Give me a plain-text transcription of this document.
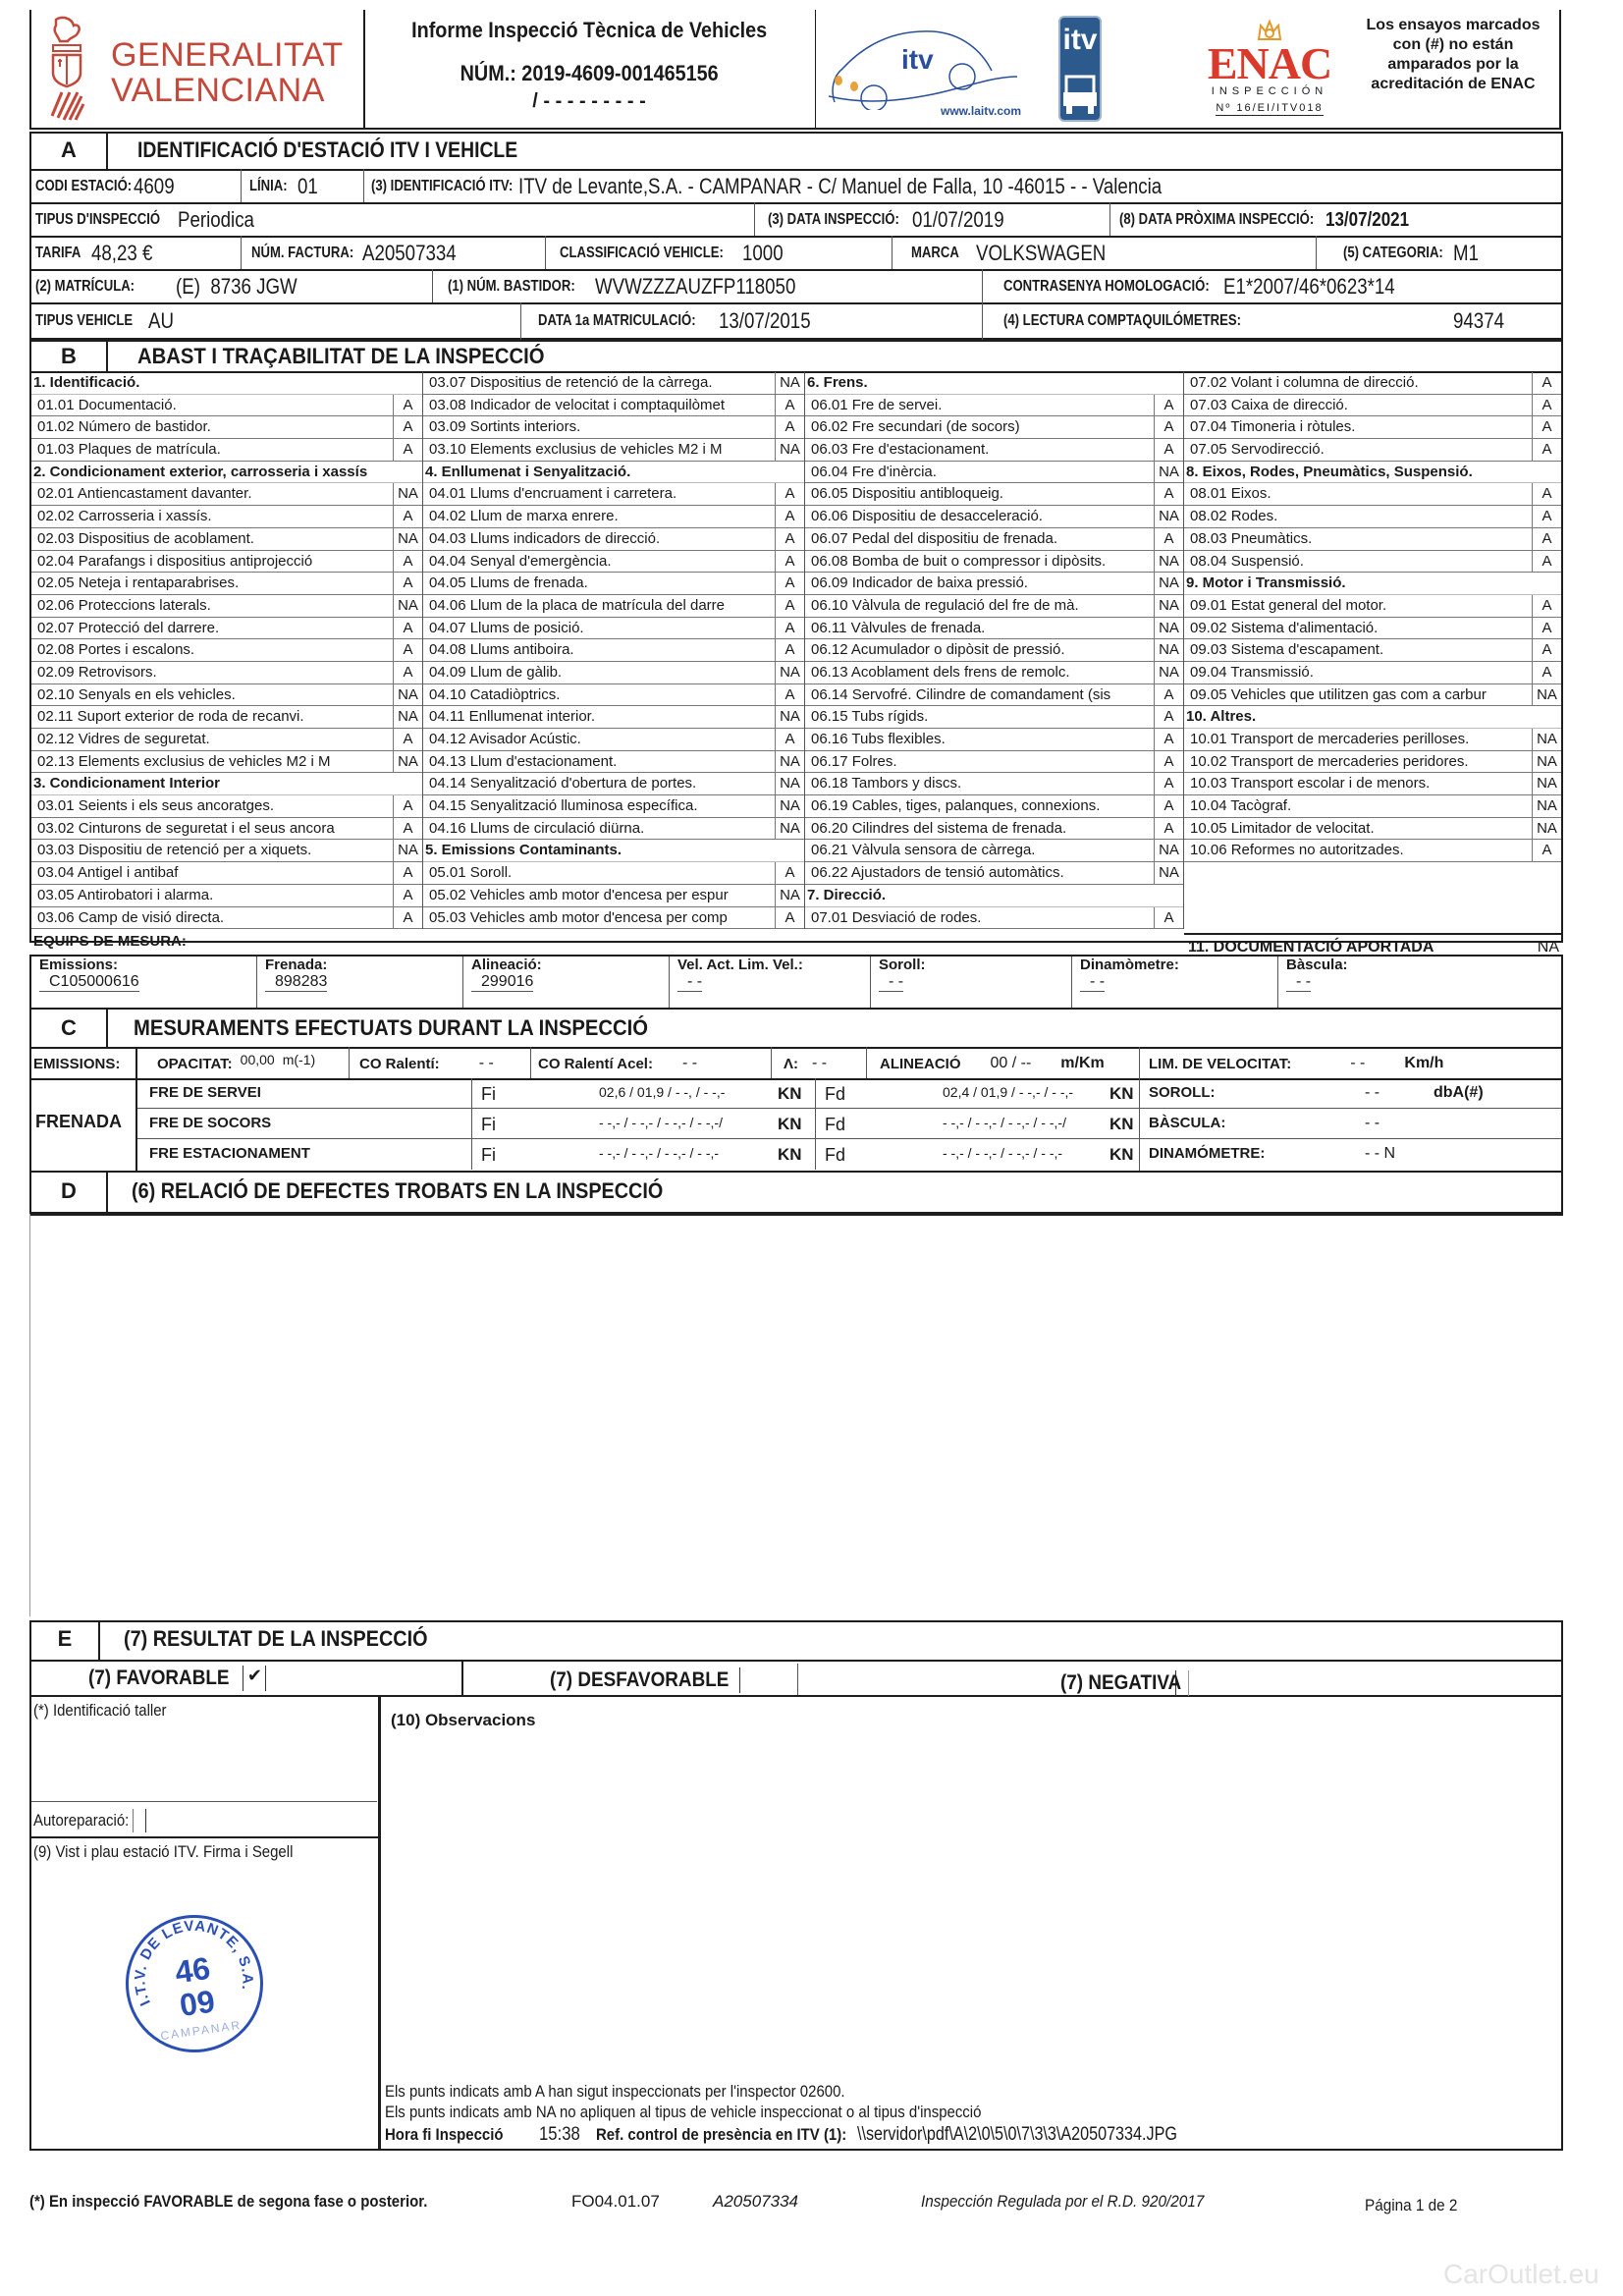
GENERALITAT
VALENCIANA
Informe Inspecció Tècnica de Vehicles
NÚM.: 2019-4609-001465156
/ - - - - - - - - -
itv
www.laitv.com
itv ENAC
INSPECCIÓN
Nº 16/EI/ITV018
Los ensayos marcados con (#) no están amparados por la acreditación de ENAC
A	IDENTIFICACIÓ D'ESTACIÓ ITV I VEHICLE
CODI ESTACIÓ: 4609	LÍNIA: 01	(3) IDENTIFICACIÓ ITV: ITV de Levante,S.A. - CAMPANAR - C/ Manuel de Falla, 10 -46015 - - Valencia
TIPUS D'INSPECCIÓ Periodica	(3) DATA INSPECCIÓ: 01/07/2019	(8) DATA PRÒXIMA INSPECCIÓ: 13/07/2021
TARIFA 48,23 €	NÚM. FACTURA: A20507334	CLASSIFICACIÓ VEHICLE: 1000	MARCA VOLKSWAGEN	(5) CATEGORIA: M1
(2) MATRÍCULA: (E)  8736 JGW	(1) NÚM. BASTIDOR: WVWZZZAUZFP118050	CONTRASENYA HOMOLOGACIÓ: E1*2007/46*0623*14
TIPUS VEHICLE AU	DATA 1a MATRICULACIÓ: 13/07/2015	(4) LECTURA COMPTAQUILÓMETRES:	94374
B	ABAST I TRAÇABILITAT DE LA INSPECCIÓ
1. Identificació.
01.01 Documentació.	A
01.02 Número de bastidor.	A
01.03 Plaques de matrícula.	A
2. Condicionament exterior, carrosseria i xassís
02.01 Antiencastament davanter.	NA
02.02 Carrosseria i xassís.	A
02.03 Dispositius de acoblament.	NA
02.04 Parafangs i dispositius antiprojecció	A
02.05 Neteja i rentaparabrises.	A
02.06 Proteccions laterals.	NA
02.07 Protecció del darrere.	A
02.08 Portes i escalons.	A
02.09 Retrovisors.	A
02.10 Senyals en els vehicles.	NA
02.11 Suport exterior de roda de recanvi.	NA
02.12 Vidres de seguretat.	A
02.13 Elements exclusius de vehicles M2 i M	NA
3. Condicionament Interior
03.01 Seients i els seus ancoratges.	A
03.02 Cinturons de seguretat i el seus ancora	A
03.03 Dispositiu de retenció per a xiquets.	NA
03.04 Antigel i antibaf	A
03.05 Antirobatori i alarma.	A
03.06 Camp de visió directa.	A
03.07 Dispositius de retenció de la càrrega.	NA
03.08 Indicador de velocitat i comptaquilòmet	A
03.09 Sortints interiors.	A
03.10 Elements exclusius de vehicles M2 i M	NA
4. Enllumenat i Senyalització.
04.01 Llums d'encruament i carretera.	A
04.02 Llum de marxa enrere.	A
04.03 Llums indicadors de direcció.	A
04.04 Senyal d'emergència.	A
04.05 Llums de frenada.	A
04.06 Llum de la placa de matrícula del darre	A
04.07 Llums de posició.	A
04.08 Llums antiboira.	A
04.09 Llum de gàlib.	NA
04.10 Catadiòptrics.	A
04.11 Enllumenat interior.	NA
04.12 Avisador Acústic.	A
04.13 Llum d'estacionament.	NA
04.14 Senyalització d'obertura de portes.	NA
04.15 Senyalització lluminosa específica.	NA
04.16 Llums de circulació diürna.	NA
5. Emissions Contaminants.
05.01 Soroll.	A
05.02 Vehicles amb motor d'encesa per espur	NA
05.03 Vehicles amb motor d'encesa per comp	A
6. Frens.
06.01 Fre de servei.	A
06.02 Fre secundari (de socors)	A
06.03 Fre d'estacionament.	A
06.04 Fre d'inèrcia.	NA
06.05 Dispositiu antibloqueig.	A
06.06 Dispositiu de desacceleració.	NA
06.07 Pedal del dispositiu de frenada.	A
06.08 Bomba de buit o compressor i dipòsits.	NA
06.09 Indicador de baixa pressió.	NA
06.10 Vàlvula de regulació del fre de mà.	NA
06.11 Vàlvules de frenada.	NA
06.12 Acumulador o dipòsit de pressió.	NA
06.13 Acoblament dels frens de remolc.	NA
06.14 Servofré. Cilindre de comandament (sis	A
06.15 Tubs rígids.	A
06.16 Tubs flexibles.	A
06.17 Folres.	A
06.18 Tambors y discs.	A
06.19 Cables, tiges, palanques, connexions.	A
06.20 Cilindres del sistema de frenada.	A
06.21 Vàlvula sensora de càrrega.	NA
06.22 Ajustadors de tensió automàtics.	NA
7. Direcció.
07.01 Desviació de rodes.	A
07.02 Volant i columna de direcció.	A
07.03 Caixa de direcció.	A
07.04 Timoneria i ròtules.	A
07.05 Servodirecció.	A
8. Eixos, Rodes, Pneumàtics, Suspensió.
08.01 Eixos.	A
08.02 Rodes.	A
08.03 Pneumàtics.	A
08.04 Suspensió.	A
9. Motor i Transmissió.
09.01 Estat general del motor.	A
09.02 Sistema d'alimentació.	A
09.03 Sistema d'escapament.	A
09.04 Transmissió.	A
09.05 Vehicles que utilitzen gas com a carbur	NA
10. Altres.
10.01 Transport de mercaderies perilloses.	NA
10.02 Transport de mercaderies peridores.	NA
10.03 Transport escolar i de menors.	NA
10.04 Tacògraf.	NA
10.05 Limitador de velocitat.	NA
10.06 Reformes no autoritzades.	A
11. DOCUMENTACIÓ APORTADA	NA
EQUIPS DE MESURA:
Emissions:
C105000616
Frenada:
898283
Alineació:
299016
Vel. Act. Lim. Vel.:
- -
Soroll:
- -
Dinamòmetre:
- -
Bàscula:
- -
C	MESURAMENTS EFECTUATS DURANT LA INSPECCIÓ
EMISSIONS:	OPACITAT: 00,00 m(-1)	CO Ralentí:	- -	CO Ralentí Acel: - -	Λ: - -	ALINEACIÓ 00 / -- m/Km	LIM. DE VELOCITAT:	- -	Km/h
FRENADA
FRE DE SERVEI	Fi	02,6 / 01,9 / - -, / - -,-	KN Fd	02,4 / 01,9 / - -,- / - -,- KN SOROLL:	- -	dbA(#)
FRE DE SOCORS	Fi	- -,- / - -,- / - -,- / - -,-/	KN Fd	- -,- / - -,- / - -,- / - -,-/	KN BÀSCULA:	- -
FRE ESTACIONAMENT	Fi	- -,- / - -,- / - -,- / - -,-	KN Fd	- -,- / - -,- / - -,- / - -,-	KN DINAMÓMETRE:	- - N
D	(6) RELACIÓ DE DEFECTES TROBATS EN LA INSPECCIÓ
E	(7) RESULTAT DE LA INSPECCIÓ
(7) FAVORABLE ✔	(7) DESFAVORABLE	(7) NEGATIVA
(*) Identificació taller
Autoreparació:
(9) Vist i plau estació ITV. Firma i Segell
I.T.V. DE LEVANTE, S.A.
46
09
CAMPANAR
(10) Observacions
Els punts indicats amb A han sigut inspeccionats per l'inspector 02600.

Els punts indicats amb NA no apliquen al tipus de vehicle inspeccionat o al tipus d'inspecció
Hora fi Inspecció 15:38 Ref. control de presència en ITV (1): \\servidor\pdf\A\2\0\5\0\7\3\3\A20507334.JPG
(*) En inspecció FAVORABLE de segona fase o posterior.	FO04.01.07	A20507334	Inspección Regulada por el R.D. 920/2017	Página 1 de 2
CarOutlet.eu
